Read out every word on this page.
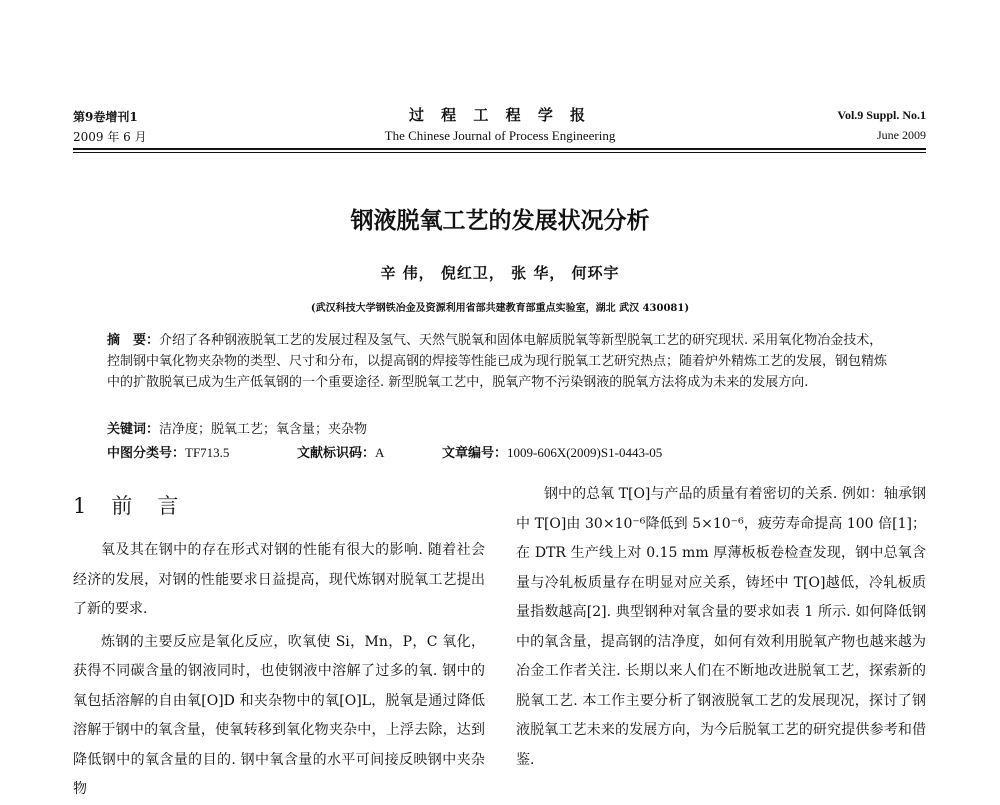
第9卷增刊1
2009 年 6 月
过 程 工 程 学 报
The Chinese Journal of Process Engineering
Vol.9 Suppl. No.1
June 2009
钢液脱氧工艺的发展状况分析
辛 伟， 倪红卫， 张 华， 何环宇
(武汉科技大学钢铁冶金及资源利用省部共建教育部重点实验室，湖北 武汉 430081)
摘　要：介绍了各种钢液脱氧工艺的发展过程及氢气、天然气脱氧和固体电解质脱氧等新型脱氧工艺的研究现状. 采用氧化物冶金技术，控制钢中氧化物夹杂物的类型、尺寸和分布，以提高钢的焊接等性能已成为现行脱氧工艺研究热点；随着炉外精炼工艺的发展，钢包精炼中的扩散脱氧已成为生产低氧钢的一个重要途径. 新型脱氧工艺中，脱氧产物不污染钢液的脱氧方法将成为未来的发展方向.
关键词：洁净度；脱氧工艺；氧含量；夹杂物
中图分类号：TF713.5	文献标识码：A	文章编号：1009-606X(2009)S1-0443-05
1　前　言

氧及其在钢中的存在形式对钢的性能有很大的影响. 随着社会经济的发展，对钢的性能要求日益提高，现代炼钢对脱氧工艺提出了新的要求.

炼钢的主要反应是氧化反应，吹氧使 Si，Mn，P，C 氧化，获得不同碳含量的钢液同时，也使钢液中溶解了过多的氧. 钢中的氧包括溶解的自由氧[O]D 和夹杂物中的氧[O]L，脱氧是通过降低溶解于钢中的氧含量，使氧转移到氧化物夹杂中，上浮去除，达到降低钢中的氧含量的目的. 钢中氧含量的水平可间接反映钢中夹杂物

钢中的总氧 T[O]与产品的质量有着密切的关系. 例如：轴承钢中 T[O]由 30×10⁻⁶降低到 5×10⁻⁶，疲劳寿命提高 100 倍[1]；在 DTR 生产线上对 0.15 mm 厚薄板板卷检查发现，钢中总氧含量与冷轧板质量存在明显对应关系，铸坯中 T[O]越低，冷轧板质量指数越高[2]. 典型钢种对氧含量的要求如表 1 所示. 如何降低钢中的氧含量，提高钢的洁净度，如何有效利用脱氧产物也越来越为冶金工作者关注. 长期以来人们在不断地改进脱氧工艺，探索新的脱氧工艺. 本工作主要分析了钢液脱氧工艺的发展现况，探讨了钢液脱氧工艺未来的发展方向，为今后脱氧工艺的研究提供参考和借鉴.
